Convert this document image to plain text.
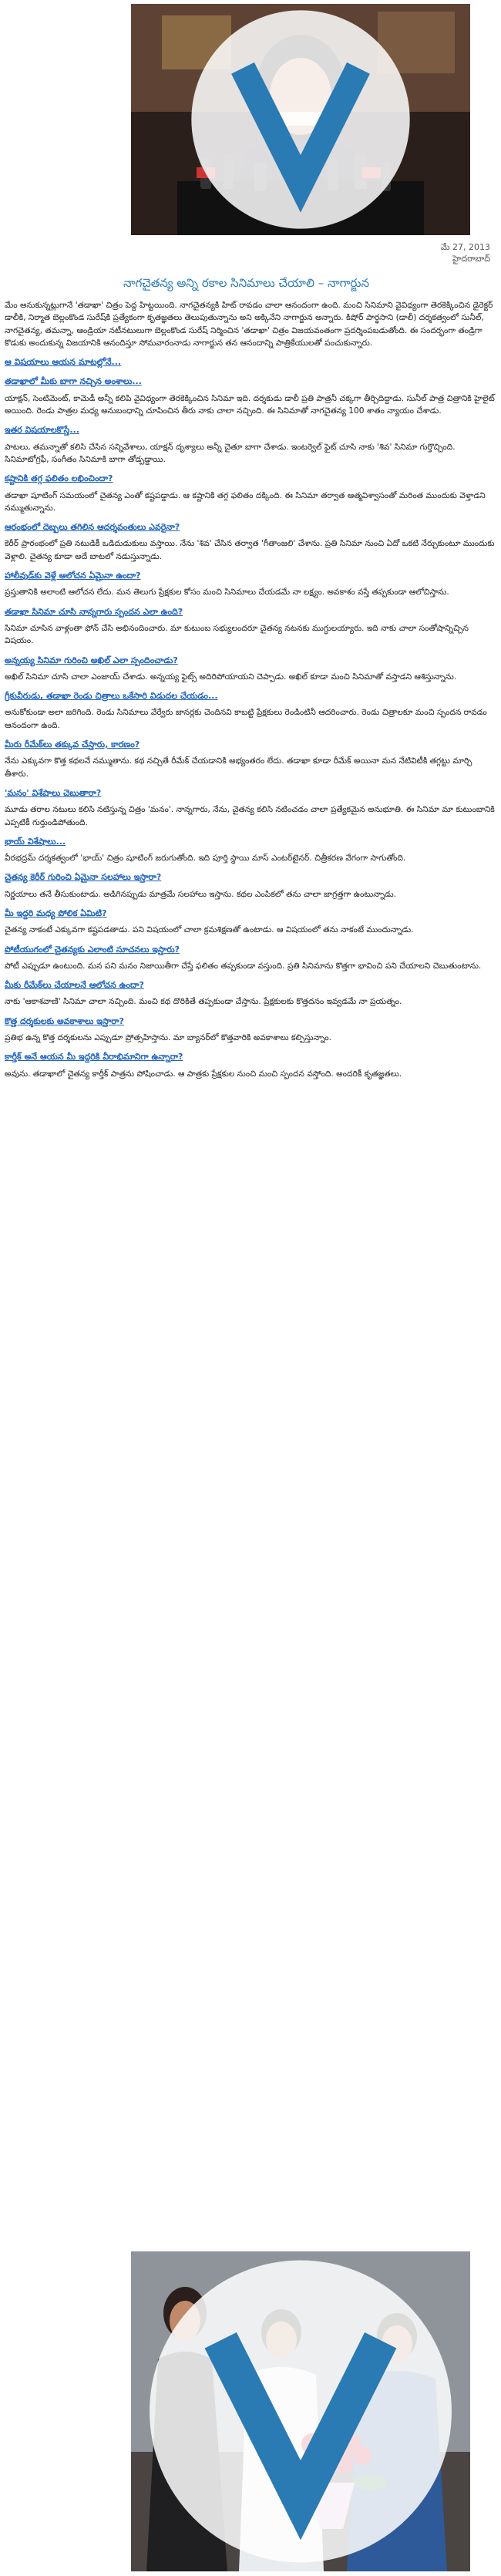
మే 27, 2013
హైదరాబాద్
నాగచైతన్య అన్ని రకాల సినిమాలు చేయాలి – నాగార్జున

మేం అనుకున్నట్లుగానే 'తడాఖా' చిత్రం పెద్ద హిట్టయింది. నాగచైతన్యకి హిట్ రావడం చాలా ఆనందంగా ఉంది. మంచి సినిమాని వైవిధ్యంగా తెరకెక్కించిన డైరెక్టర్ డాలీకి, నిర్మాత బెల్లంకొండ సురేష్‌కి ప్రత్యేకంగా కృతజ్ఞతలు తెలుపుతున్నాను అని అక్కినేని నాగార్జున అన్నారు. కిషోర్ పార్థసాని (డాలీ) దర్శకత్వంలో సునీల్, నాగచైతన్య, తమన్నా, ఆండ్రియా నటీనటులుగా బెల్లంకొండ సురేష్ నిర్మించిన 'తడాఖా' చిత్రం విజయవంతంగా ప్రదర్శింపబడుతోంది. ఈ సందర్భంగా తండ్రిగా కొడుకు అందుకున్న విజయానికి ఆనందిస్తూ సోమవారంనాడు నాగార్జున తన ఆనందాన్ని పాత్రికేయులతో పంచుకున్నారు.

ఆ విషయాలు ఆయన మాటల్లోనే...
తడాఖాలో మీకు బాగా నచ్చిన అంశాలు...

యాక్షన్, సెంటిమెంట్, కామెడీ అన్నీ కలిపి వైవిధ్యంగా తెరకెక్కించిన సినిమా ఇది. దర్శకుడు డాలీ ప్రతి పాత్రనీ చక్కగా తీర్చిదిద్దాడు. సునీల్ పాత్ర చిత్రానికి హైలైట్ అయింది. రెండు పాత్రల మధ్య అనుబంధాన్ని చూపించిన తీరు నాకు చాలా నచ్చింది. ఈ సినిమాతో నాగచైతన్య 100 శాతం న్యాయం చేశాడు.

ఇతర విషయాలకొస్తే...

పాటలు, తమన్నాతో కలిసి చేసిన సన్నివేశాలు, యాక్షన్ దృశ్యాలు అన్నీ చైతూ బాగా చేశాడు. ఇంటర్వెల్ ఫైట్ చూసి నాకు 'శివ' సినిమా గుర్తొచ్చింది. సినిమాటోగ్రఫీ, సంగీతం సినిమాకి బాగా తోడ్పడ్డాయి.

కష్టానికి తగ్గ ఫలితం లభించిందా?

తడాఖా షూటింగ్ సమయంలో చైతన్య ఎంతో కష్టపడ్డాడు. ఆ కష్టానికి తగ్గ ఫలితం దక్కింది. ఈ సినిమా తర్వాత ఆత్మవిశ్వాసంతో మరింత ముందుకు వెళ్తాడని నమ్ముతున్నాను.

ఆరంభంలో దెబ్బలు తగిలిన ఆదర్శవంతులు ఎవరైనా?

కెరీర్ ప్రారంభంలో ప్రతి నటుడికీ ఒడిదుడుకులు వస్తాయి. నేను 'శివ' చేసిన తర్వాత 'గీతాంజలి' చేశాను. ప్రతి సినిమా నుంచి ఏదో ఒకటి నేర్చుకుంటూ ముందుకు వెళ్లాలి. చైతన్య కూడా అదే బాటలో నడుస్తున్నాడు.

హాలీవుడ్‌కు వెళ్లే ఆలోచన ఏమైనా ఉందా?

ప్రస్తుతానికి అలాంటి ఆలోచన లేదు. మన తెలుగు ప్రేక్షకుల కోసం మంచి సినిమాలు చేయడమే నా లక్ష్యం. అవకాశం వస్తే తప్పకుండా ఆలోచిస్తాను.

తడాఖా సినిమా చూసి నాన్నగారు స్పందన ఎలా ఉంది?

సినిమా చూసిన వాళ్లంతా ఫోన్ చేసి అభినందించారు. మా కుటుంబ సభ్యులందరూ చైతన్య నటనకు ముగ్ధులయ్యారు. ఇది నాకు చాలా సంతోషాన్నిచ్చిన విషయం.

అన్నయ్య సినిమా గురించి అఖిల్ ఎలా స్పందించాడు?

అఖిల్ సినిమా చూసి చాలా ఎంజాయ్ చేశాడు. అన్నయ్య ఫైట్స్ అదిరిపోయాయని చెప్పాడు. అఖిల్ కూడా మంచి సినిమాతో వస్తాడని ఆశిస్తున్నాను.

గ్రీకువీరుడు, తడాఖా రెండు చిత్రాలు ఒకేసారి విడుదల చేయడం...

అనుకోకుండా అలా జరిగింది. రెండు సినిమాలు వేర్వేరు జానర్లకు చెందినవి కాబట్టి ప్రేక్షకులు రెండింటినీ ఆదరించారు. రెండు చిత్రాలకూ మంచి స్పందన రావడం ఆనందంగా ఉంది.

మీరు రీమేక్‌లు తక్కువ చేస్తారు, కారణం?

నేను ఎక్కువగా కొత్త కథలనే నమ్ముతాను. కథ నచ్చితే రీమేక్ చేయడానికి అభ్యంతరం లేదు. తడాఖా కూడా రీమేక్ అయినా మన నేటివిటీకి తగ్గట్టు మార్చి తీశారు.

'మనం' విశేషాలు చెబుతారా?

మూడు తరాల నటులు కలిసి నటిస్తున్న చిత్రం 'మనం'. నాన్నగారు, నేను, చైతన్య కలిసి నటించడం చాలా ప్రత్యేకమైన అనుభూతి. ఈ సినిమా మా కుటుంబానికి ఎప్పటికీ గుర్తుండిపోతుంది.

భాయ్ విశేషాలు...

వీరభద్రమ్ దర్శకత్వంలో 'భాయ్' చిత్రం షూటింగ్ జరుగుతోంది. ఇది పూర్తి స్థాయి మాస్ ఎంటర్‌టైనర్. చిత్రీకరణ వేగంగా సాగుతోంది.

చైతన్య కెరీర్ గురించి ఏమైనా సలహాలు ఇస్తారా?

నిర్ణయాలు తనే తీసుకుంటాడు. అడిగినప్పుడు మాత్రమే సలహాలు ఇస్తాను. కథల ఎంపికలో తను చాలా జాగ్రత్తగా ఉంటున్నాడు.

మీ ఇద్దరి మధ్య పోలిక ఏమిటి?

చైతన్య నాకంటే ఎక్కువగా కష్టపడతాడు. పని విషయంలో చాలా క్రమశిక్షణతో ఉంటాడు. ఆ విషయంలో తను నాకంటే ముందున్నాడు.

పోటీయుగంలో చైతన్యకు ఎలాంటి సూచనలు ఇస్తారు?

పోటీ ఎప్పుడూ ఉంటుంది. మన పని మనం నిజాయితీగా చేస్తే ఫలితం తప్పకుండా వస్తుంది. ప్రతి సినిమాను కొత్తగా భావించి పని చేయాలని చెబుతుంటాను.

మీకు రీమేక్‌లు చేయాలనే ఆలోచన ఉందా?

నాకు 'ఆకాశవాణి' సినిమా చాలా నచ్చింది. మంచి కథ దొరికితే తప్పకుండా చేస్తాను. ప్రేక్షకులకు కొత్తదనం ఇవ్వడమే నా ప్రయత్నం.

కొత్త దర్శకులకు అవకాశాలు ఇస్తారా?

ప్రతిభ ఉన్న కొత్త దర్శకులను ఎప్పుడూ ప్రోత్సహిస్తాను. మా బ్యానర్‌లో కొత్తవారికి అవకాశాలు కల్పిస్తున్నాం.

కార్తీక్ అనే ఆయన మీ ఇద్దరికి వీరాభిమానిగా ఉన్నారా?

అవును. తడాఖాలో చైతన్య కార్తీక్ పాత్రను పోషించాడు. ఆ పాత్రకు ప్రేక్షకుల నుంచి మంచి స్పందన వస్తోంది. అందరికీ కృతజ్ఞతలు.
